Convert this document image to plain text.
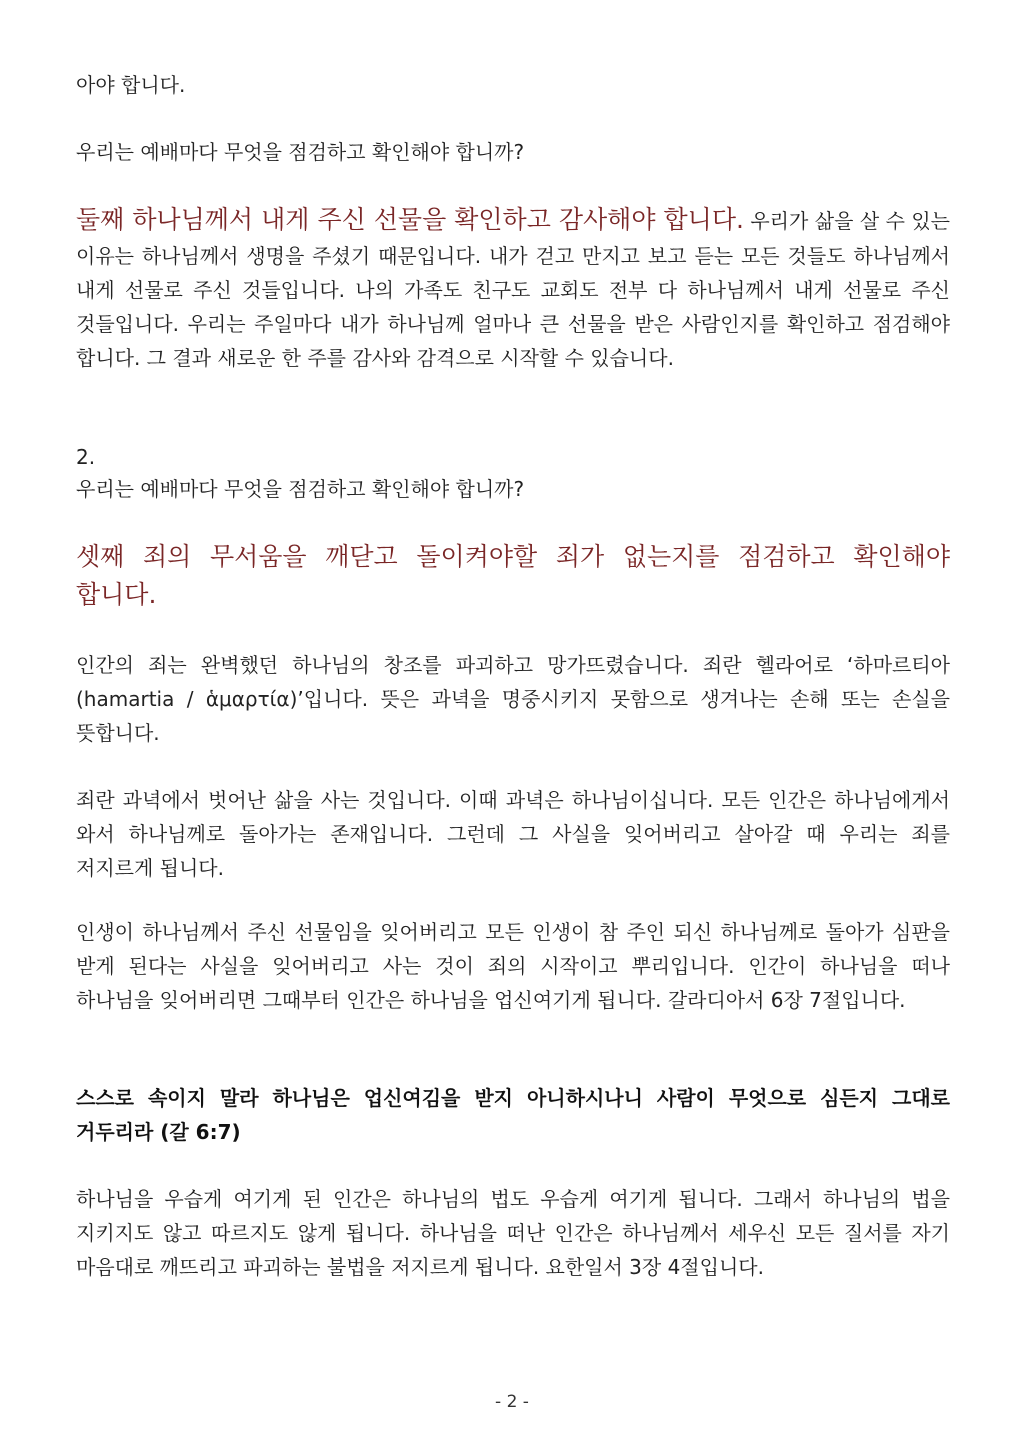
아야 합니다.

우리는 예배마다 무엇을 점검하고 확인해야 합니까?

둘째 하나님께서 내게 주신 선물을 확인하고 감사해야 합니다. 우리가 삶을 살 수 있는 이유는 하나님께서 생명을 주셨기 때문입니다. 내가 걷고 만지고 보고 듣는 모든 것들도 하나님께서 내게 선물로 주신 것들입니다. 나의 가족도 친구도 교회도 전부 다 하나님께서 내게 선물로 주신 것들입니다. 우리는 주일마다 내가 하나님께 얼마나 큰 선물을 받은 사람인지를 확인하고 점검해야 합니다. 그 결과 새로운 한 주를 감사와 감격으로 시작할 수 있습니다.

2.

우리는 예배마다 무엇을 점검하고 확인해야 합니까?

셋째 죄의 무서움을 깨닫고 돌이켜야할 죄가 없는지를 점검하고 확인해야 합니다.

인간의 죄는 완벽했던 하나님의 창조를 파괴하고 망가뜨렸습니다. 죄란 헬라어로 ‘하마르티아(hamartia / ἁμαρτία)’입니다. 뜻은 과녁을 명중시키지 못함으로 생겨나는 손해 또는 손실을 뜻합니다.

죄란 과녁에서 벗어난 삶을 사는 것입니다. 이때 과녁은 하나님이십니다. 모든 인간은 하나님에게서 와서 하나님께로 돌아가는 존재입니다. 그런데 그 사실을 잊어버리고 살아갈 때 우리는 죄를 저지르게 됩니다.

인생이 하나님께서 주신 선물임을 잊어버리고 모든 인생이 참 주인 되신 하나님께로 돌아가 심판을 받게 된다는 사실을 잊어버리고 사는 것이 죄의 시작이고 뿌리입니다. 인간이 하나님을 떠나 하나님을 잊어버리면 그때부터 인간은 하나님을 업신여기게 됩니다. 갈라디아서 6장 7절입니다.

스스로 속이지 말라 하나님은 업신여김을 받지 아니하시나니 사람이 무엇으로 심든지 그대로 거두리라 (갈 6:7)

하나님을 우습게 여기게 된 인간은 하나님의 법도 우습게 여기게 됩니다. 그래서 하나님의 법을 지키지도 않고 따르지도 않게 됩니다. 하나님을 떠난 인간은 하나님께서 세우신 모든 질서를 자기 마음대로 깨뜨리고 파괴하는 불법을 저지르게 됩니다. 요한일서 3장 4절입니다.

- 2 -
